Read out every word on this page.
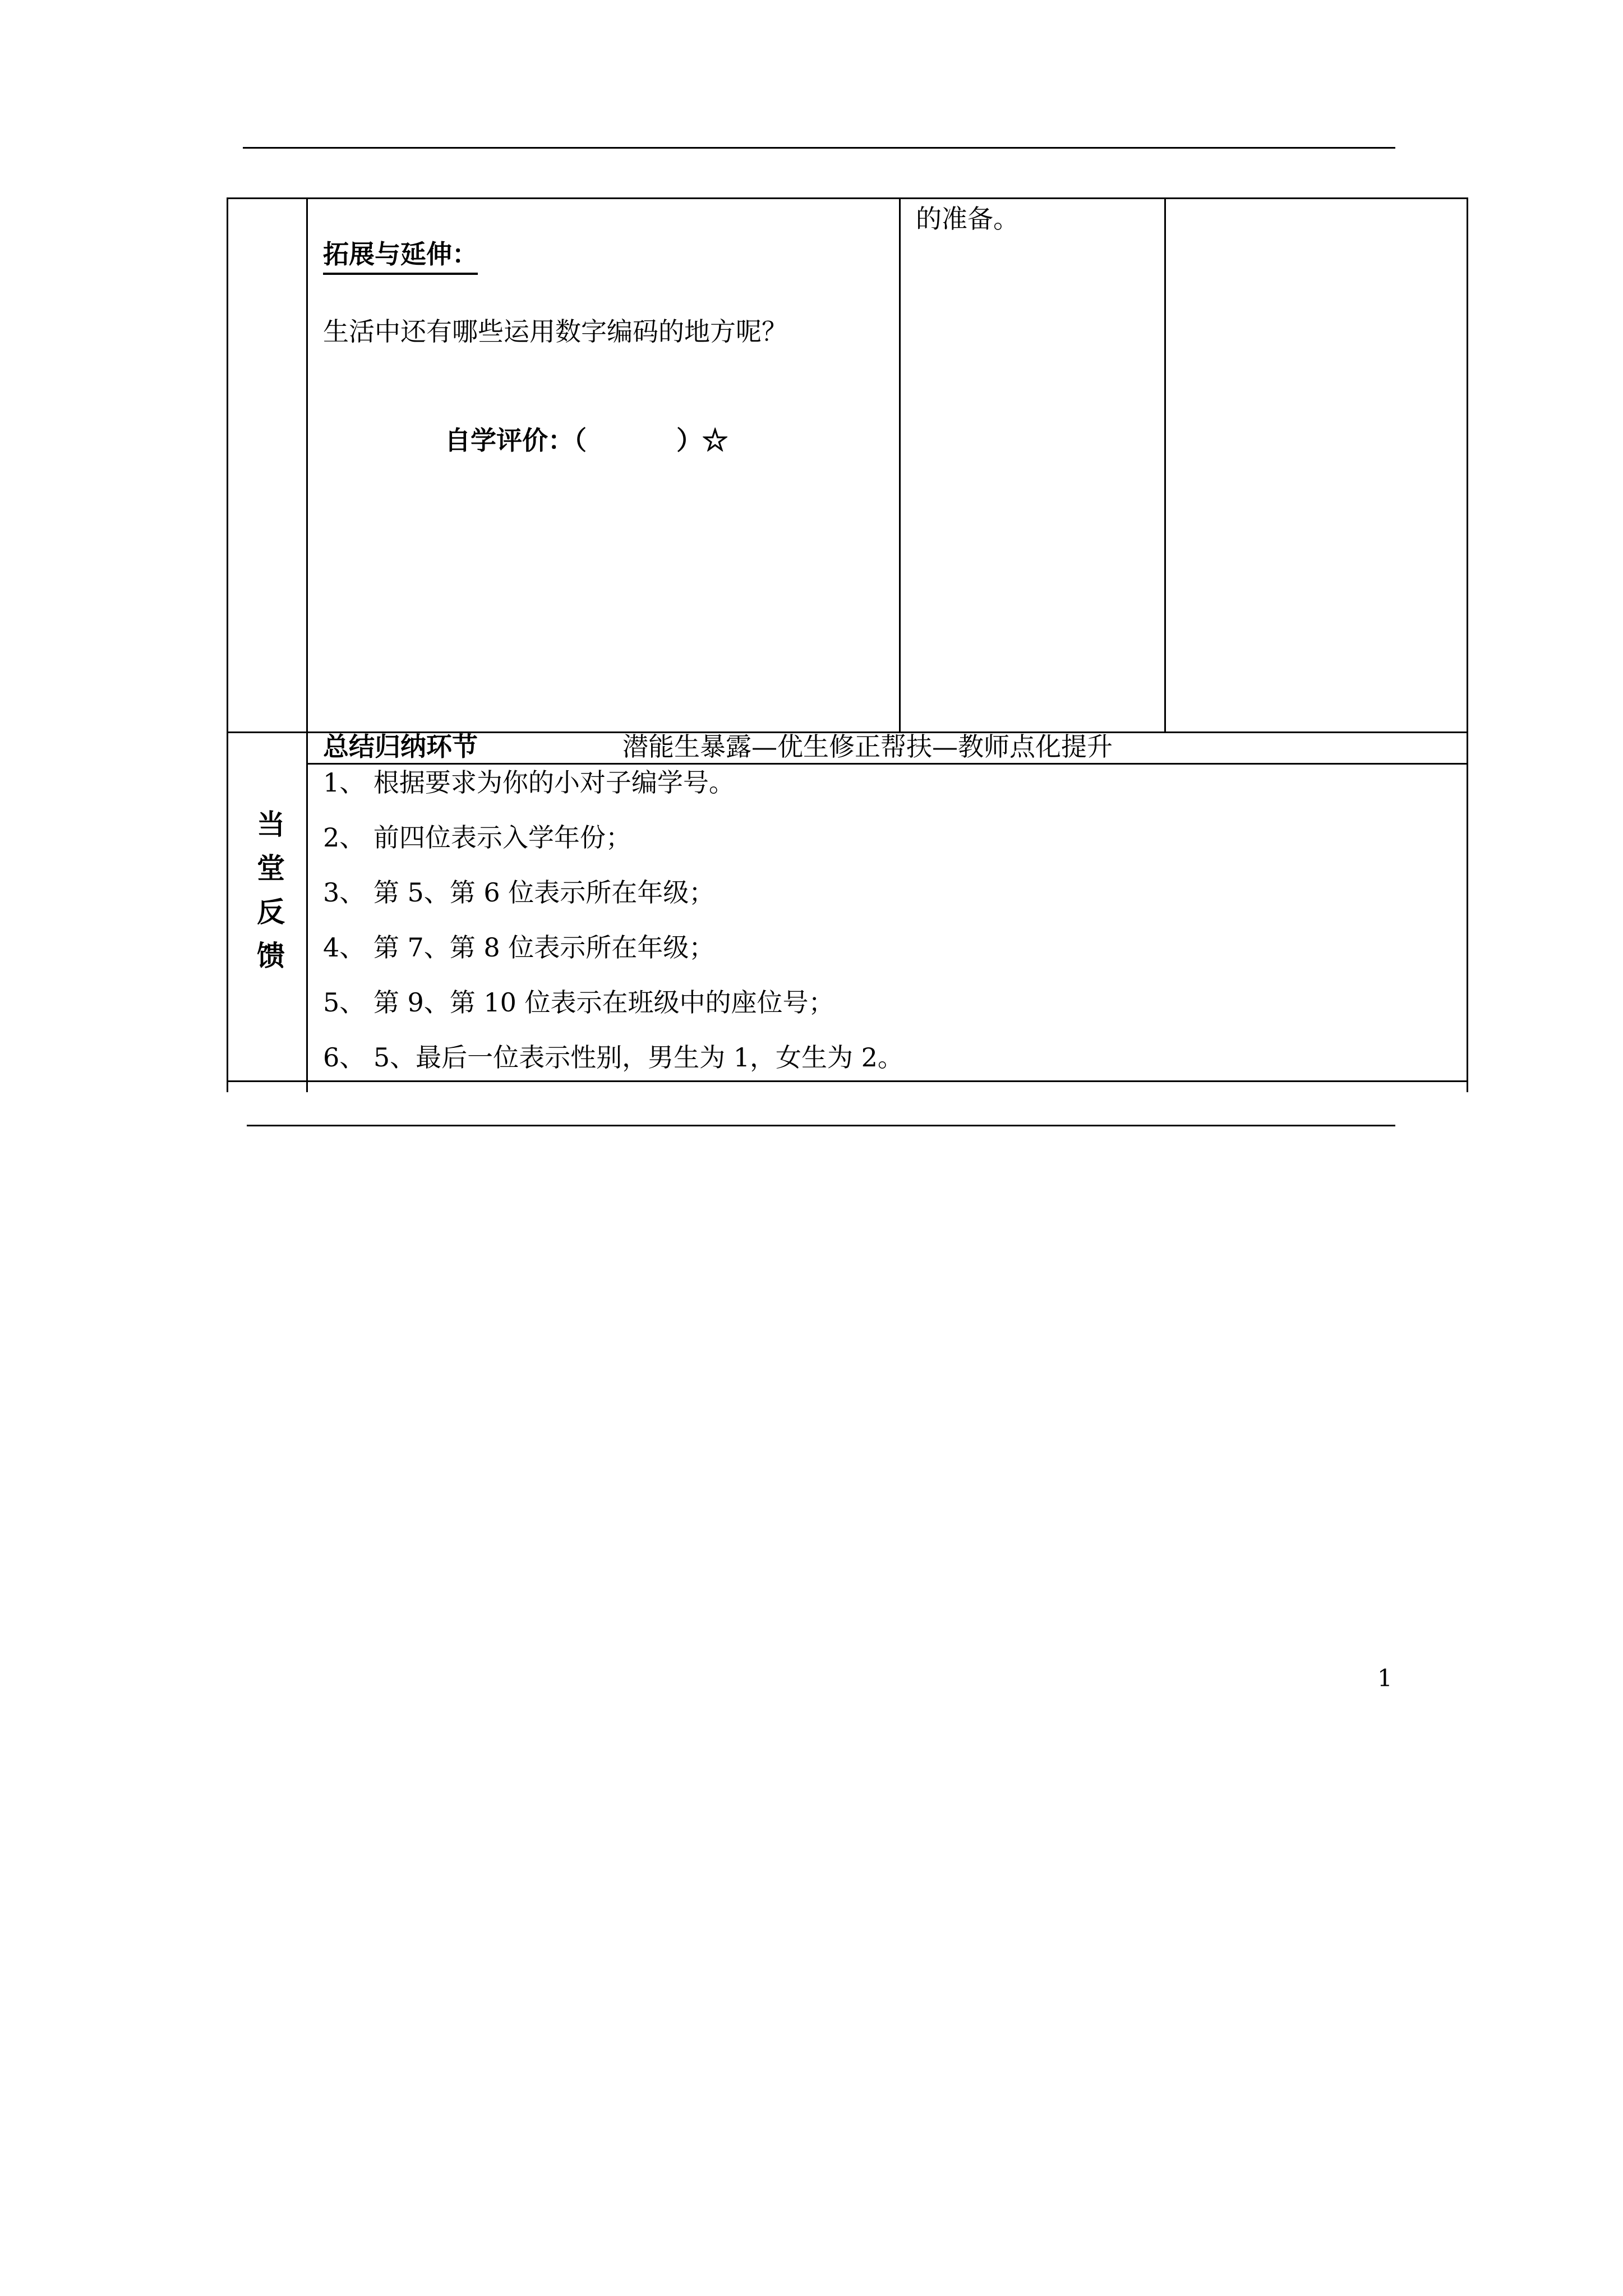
拓展与延伸：
生活中还有哪些运用数字编码的地方呢？
自学评价：（          ）☆
的准备。
当
堂
反
馈
总结归纳环节	潜能生暴露—优生修正帮扶—教师点化提升
1、 根据要求为你的小对子编学号。
2、 前四位表示入学年份；
3、 第 5、第 6 位表示所在年级；
4、 第 7、第 8 位表示所在年级；
5、 第 9、第 10 位表示在班级中的座位号；
6、 5、最后一位表示性别，男生为 1，女生为 2。
1
